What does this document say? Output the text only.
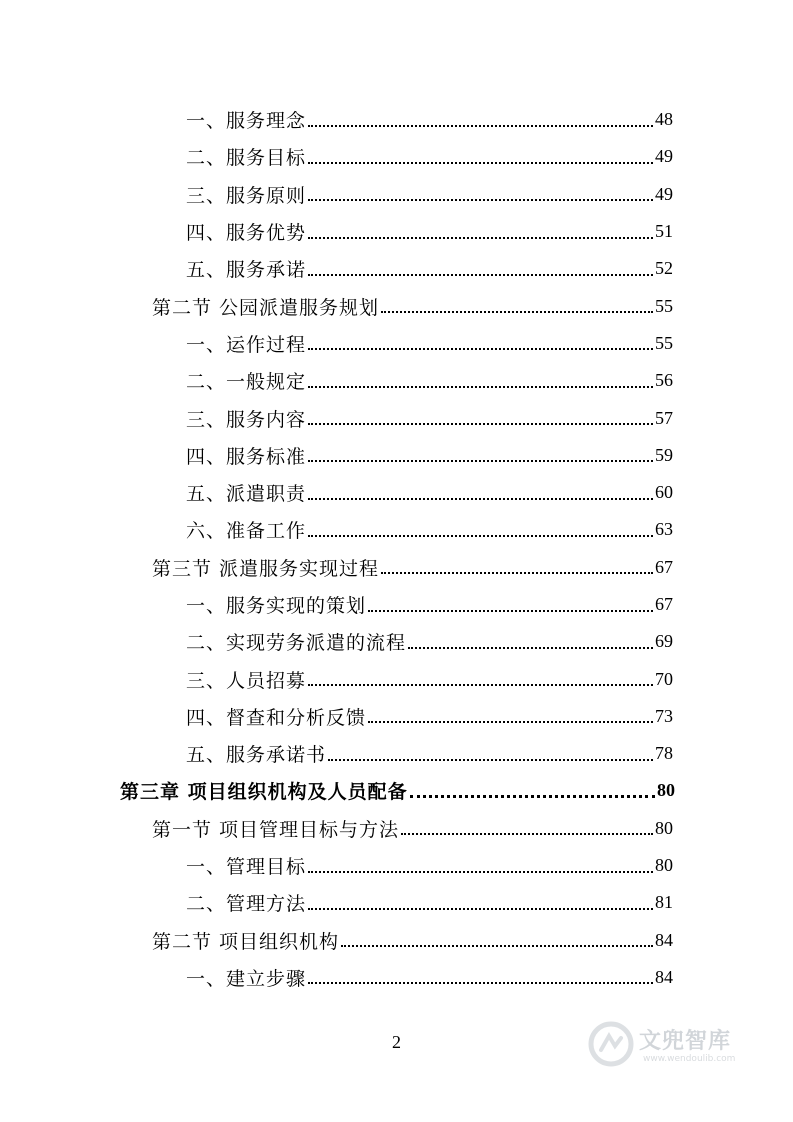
一、服务理念	48
二、服务目标	49
三、服务原则	49
四、服务优势	51
五、服务承诺	52
第二节 公园派遣服务规划	55
一、运作过程	55
二、一般规定	56
三、服务内容	57
四、服务标准	59
五、派遣职责	60
六、准备工作	63
第三节 派遣服务实现过程	67
一、服务实现的策划	67
二、实现劳务派遣的流程	69
三、人员招募	70
四、督查和分析反馈	73
五、服务承诺书	78
第三章 项目组织机构及人员配备	80
第一节 项目管理目标与方法	80
一、管理目标	80
二、管理方法	81
第二节 项目组织机构	84
一、建立步骤	84
2	文兜智库
www.wendoulib.com
